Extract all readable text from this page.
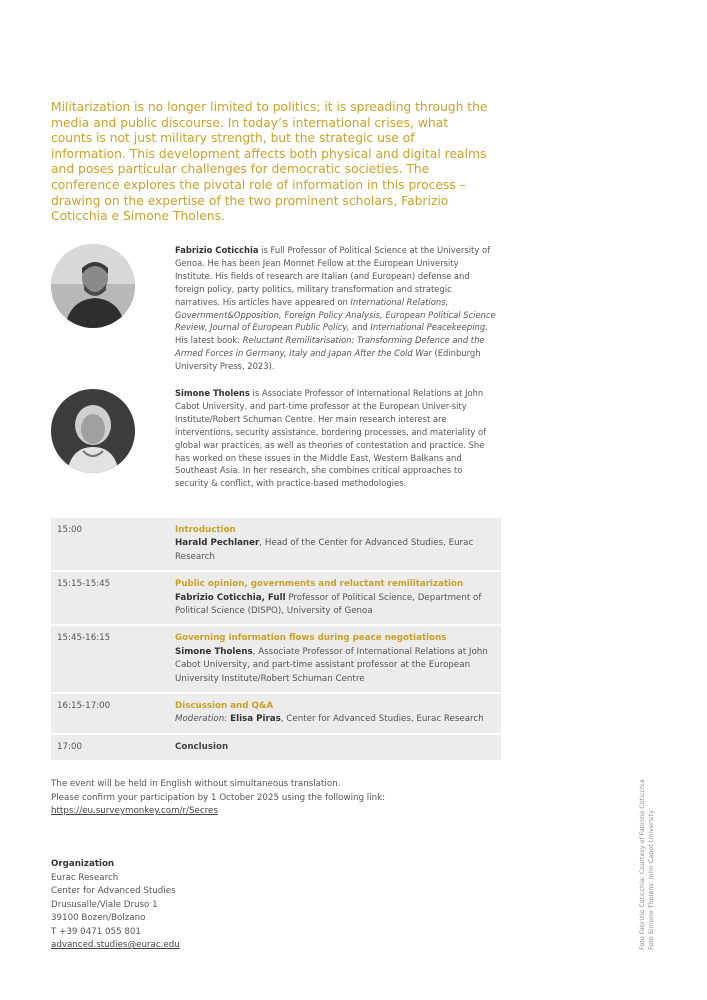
Militarization is no longer limited to politics; it is spreading through the media and public discourse. In today’s international crises, what counts is not just military strength, but the strategic use of information. This development affects both physical and digital realms and poses particular challenges for democratic societies. The conference explores the pivotal role of information in this process – drawing on the expertise of the two prominent scholars, Fabrizio Coticchia e Simone Tholens.

Fabrizio Coticchia is Full Professor of Political Science at the University of Genoa. He has been Jean Monnet Fellow at the European University Institute. His fields of research are Italian (and European) defense and foreign policy, party politics, military transformation and strategic narratives. His articles have appeared on International Relations, Government&Opposition, Foreign Policy Analysis, European Political Science Review, Journal of European Public Policy, and International Peacekeeping. His latest book: Reluctant Remilitarisation: Transforming Defence and the Armed Forces in Germany, Italy and Japan After the Cold War (Edinburgh University Press, 2023).
Simone Tholens is Associate Professor of International Relations at John Cabot University, and part-time professor at the European Univer-sity Institute/Robert Schuman Centre. Her main research interest are interventions, security assistance, bordering processes, and materiality of global war practices, as well as theories of contestation and practice. She has worked on these issues in the Middle East, Western Balkans and Southeast Asia. In her research, she combines critical approaches to security & conflict, with practice-based methodologies.
15:00	Introduction
Harald Pechlaner, Head of the Center for Advanced Studies, Eurac Research
15:15-15:45	Public opinion, governments and reluctant remilitarization
Fabrizio Coticchia, Full Professor of Political Science, Department of Political Science (DISPO), University of Genoa
15:45-16:15	Governing information flows during peace negotiations
Simone Tholens, Associate Professor of International Relations at John Cabot University, and part-time assistant professor at the European University Institute/Robert Schuman Centre
16:15-17:00	Discussion and Q&A
Moderation: Elisa Piras, Center for Advanced Studies, Eurac Research
17:00	Conclusion
The event will be held in English without simultaneous translation.
Please confirm your participation by 1 October 2025 using the following link:
https://eu.surveymonkey.com/r/Secres
Organization
Eurac Research
Center for Advanced Studies
Drususalle/Viale Druso 1
39100 Bozen/Bolzano
T +39 0471 055 801
advanced.studies@eurac.edu	Foto Fabrizio Coticchia: Courtesy of Fabrizio Coticchia Foto Simone Tholens: John Cabot University
